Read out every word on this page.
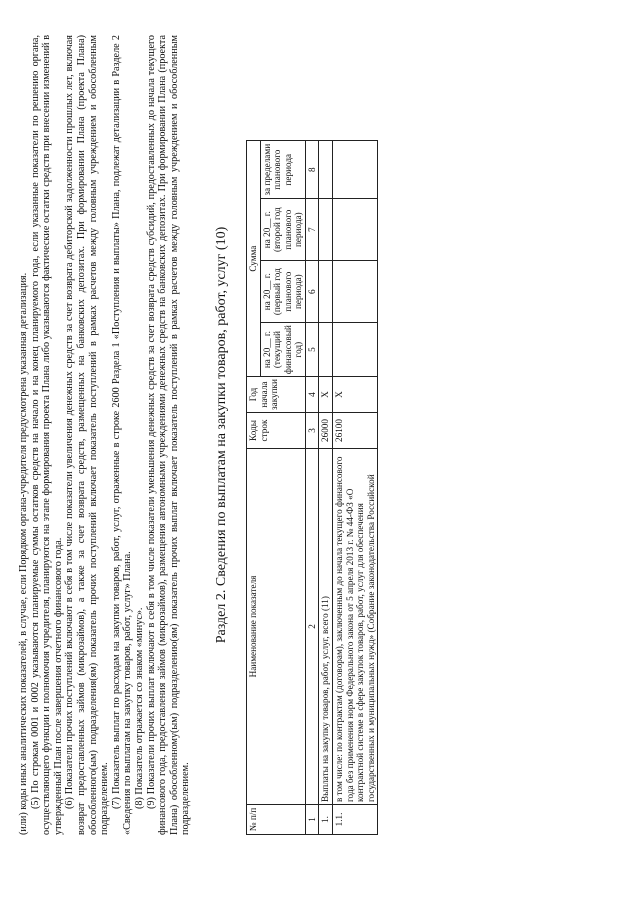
(или) коды иных аналитических показателей, в случае, если Порядком органа-учредителя предусмотрена указанная детализация. (5) По строкам 0001 и 0002 указываются планируемые суммы остатков средств на начало и на конец планируемого года, если указанные показатели по решению органа, осуществляющего функции и полномочия учредителя, планируются на этапе формирования проекта Плана либо указываются фактические остатки средств при внесении изменений в утвержденный План после завершения отчетного финансового года. (6) Показатели прочих поступлений включают в себя в том числе показатели увеличения денежных средств за счет возврата дебиторской задолженности прошлых лет, включая возврат предоставленных займов (микрозаймов), а также за счет возврата средств, размещенных на банковских депозитах. При формировании Плана (проекта Плана) обособленного(ым) подразделения(ям) показатель прочих поступлений включает показатель поступлений в рамках расчетов между головным учреждением и обособленным подразделением. (7) Показатель выплат по расходам на закупки товаров, работ, услуг, отраженные в строке 2600 Раздела 1 «Поступления и выплаты» Плана, подлежат детализации в Разделе 2 «Сведения по выплатам на закупку товаров, работ, услуг» Плана. (8) Показатель отражается со знаком «минус». (9) Показатели прочих выплат включают в себя в том числе показатели уменьшения денежных средств за счет возврата средств субсидий, предоставленных до начала текущего финансового года, предоставления займов (микрозаймов), размещения автономными учреждениями денежных средств на банковских депозитах. При формировании Плана (проекта Плана) обособленному(ым) подразделению(ям) показатель прочих выплат включает показатель поступлений в рамках расчетов между головным учреждением и обособленным подразделением.

Раздел 2. Сведения по выплатам на закупки товаров, работ, услуг (10)
№ п/п	Наименование показателя	Коды строк	Год начала закупки	Сумма			
				на 20__ г. (текущий финансовый год)	на 20__ г. (первый год планового периода)	на 20__ г. (второй год планового периода)	за пределами планового периода
1	2	3	4	5	6	7	8
1.	Выплаты на закупку товаров, работ, услуг, всего (11)	26000	X				
1.1.	в том числе: по контрактам (договорам), заключенным до начала текущего финансового года без применения норм Федерального закона от 5 апреля 2013 г. № 44-ФЗ «О контрактной системе в сфере закупок товаров, работ, услуг для обеспечения государственных и муниципальных нужд» (Собрание законодательства Российской	26100	X				
